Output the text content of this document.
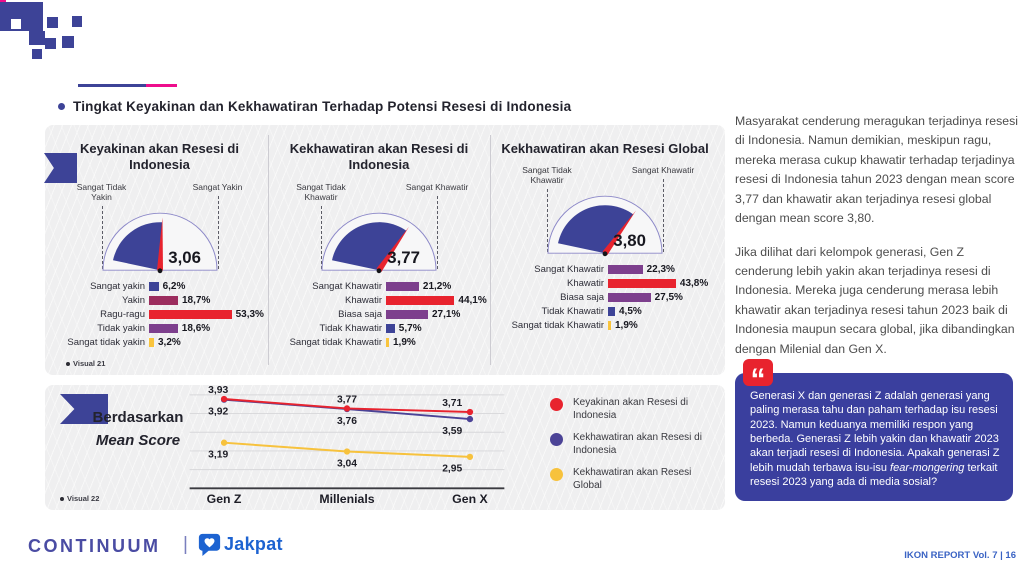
Tingkat Keyakinan dan Kekhawatiran Terhadap Potensi Resesi di Indonesia
Keyakinan akan Resesi di Indonesia
Sangat Tidak Yakin
Sangat Yakin
3,06
Sangat yakin 6,2%
Yakin	18,7%
Ragu-ragu	53,3%
Tidak yakin	18,6%
Sangat tidak yakin 3,2%
Visual 21
Kekhawatiran akan Resesi di Indonesia
Sangat Tidak Khawatir
Sangat Khawatir
3,77
Sangat Khawatir	21,2%
Khawatir	44,1%
Biasa saja	27,1%
Tidak Khawatir 5,7%
Sangat tidak Khawatir 1,9%
Kekhawatiran akan Resesi Global
Sangat Tidak Khawatir
Sangat Khawatir
3,80
Sangat Khawatir	22,3%
Khawatir	43,8%
Biasa saja	27,5%
Tidak Khawatir 4,5%
Sangat tidak Khawatir 1,9%
Berdasarkan
Mean Score
3,19
3,04	2,95
3,92
3,76
3,59
3,93
3,77	3,71
Gen Z	Millenials	Gen X
Keyakinan akan Resesi di Indonesia
Kekhawatiran akan Resesi di Indonesia
Kekhawatiran akan Resesi Global
Visual 22

Masyarakat cenderung meragukan terjadinya resesi di Indonesia. Namun demikian, meskipun ragu, mereka merasa cukup khawatir terhadap terjadinya resesi di Indonesia tahun 2023 dengan mean score 3,77 dan khawatir akan terjadinya resesi global dengan mean score 3,80.

Jika dilihat dari kelompok generasi, Gen Z cenderung lebih yakin akan terjadinya resesi di Indonesia. Mereka juga cenderung merasa lebih khawatir akan terjadinya resesi tahun 2023 baik di Indonesia maupun secara global, jika dibandingkan dengan Milenial dan Gen X.

“
Generasi X dan generasi Z adalah generasi yang paling merasa tahu dan paham terhadap isu resesi 2023. Namun keduanya memiliki respon yang berbeda. Generasi Z lebih yakin dan khawatir 2023 akan terjadi resesi di Indonesia. Apakah generasi Z lebih mudah terbawa isu-isu fear-mongering terkait resesi 2023 yang ada di media sosial?
CONTINUUM | Jakpat
IKON REPORT Vol. 7 | 16
